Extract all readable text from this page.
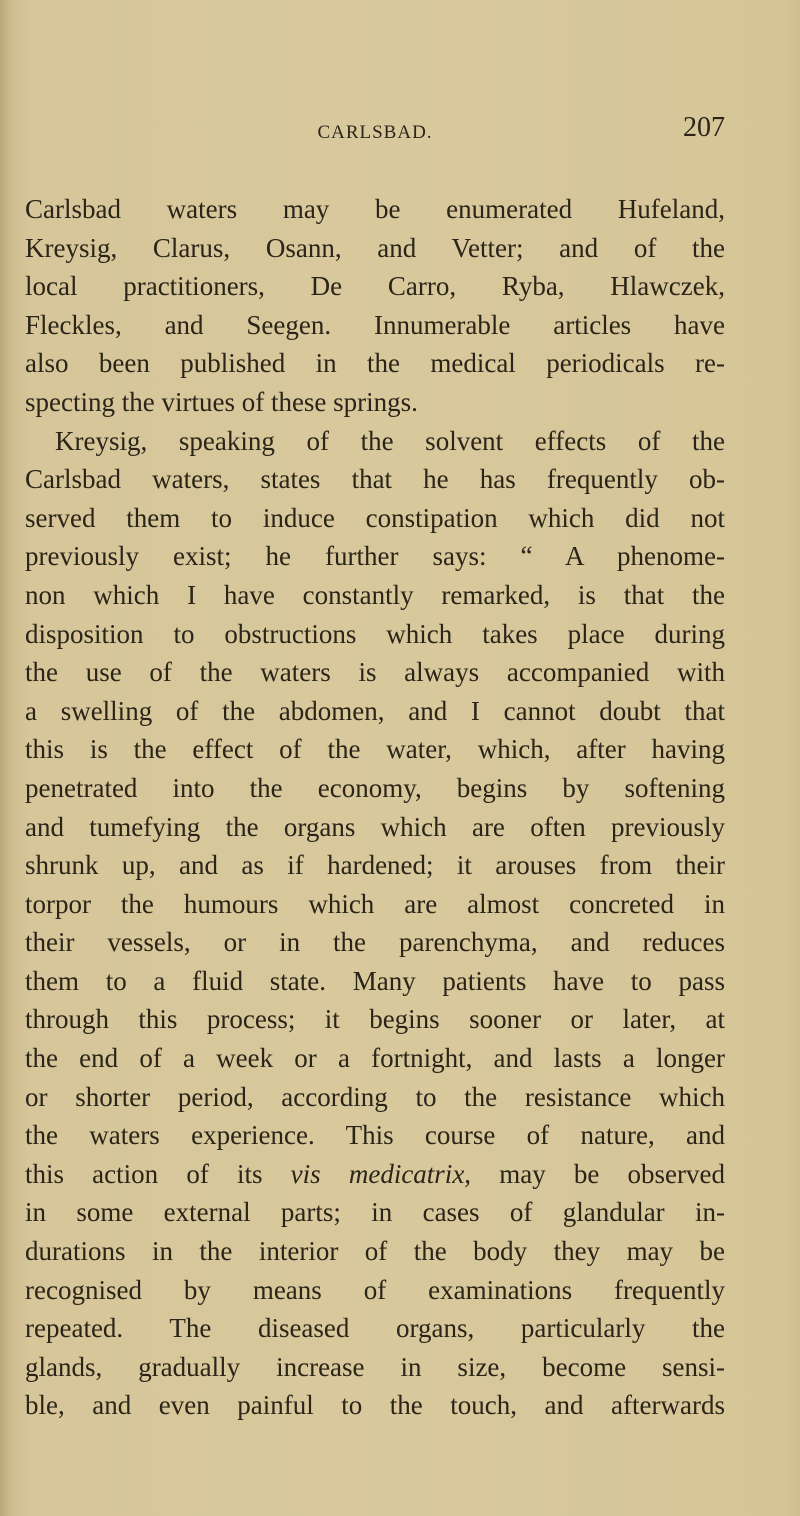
CARLSBAD.	207
Carlsbad waters may be enumerated Hufeland,
Kreysig, Clarus, Osann, and Vetter; and of the
local practitioners, De Carro, Ryba, Hlawczek,
Fleckles, and Seegen. Innumerable articles have
also been published in the medical periodicals re-
specting the virtues of these springs.
Kreysig, speaking of the solvent effects of the
Carlsbad waters, states that he has frequently ob-
served them to induce constipation which did not
previously exist; he further says: “ A phenome-
non which I have constantly remarked, is that the
disposition to obstructions which takes place during
the use of the waters is always accompanied with
a swelling of the abdomen, and I cannot doubt that
this is the effect of the water, which, after having
penetrated into the economy, begins by softening
and tumefying the organs which are often previously
shrunk up, and as if hardened; it arouses from their
torpor the humours which are almost concreted in
their vessels, or in the parenchyma, and reduces
them to a fluid state. Many patients have to pass
through this process; it begins sooner or later, at
the end of a week or a fortnight, and lasts a longer
or shorter period, according to the resistance which
the waters experience. This course of nature, and
this action of its vis medicatrix, may be observed
in some external parts; in cases of glandular in-
durations in the interior of the body they may be
recognised by means of examinations frequently
repeated. The diseased organs, particularly the
glands, gradually increase in size, become sensi-
ble, and even painful to the touch, and afterwards
